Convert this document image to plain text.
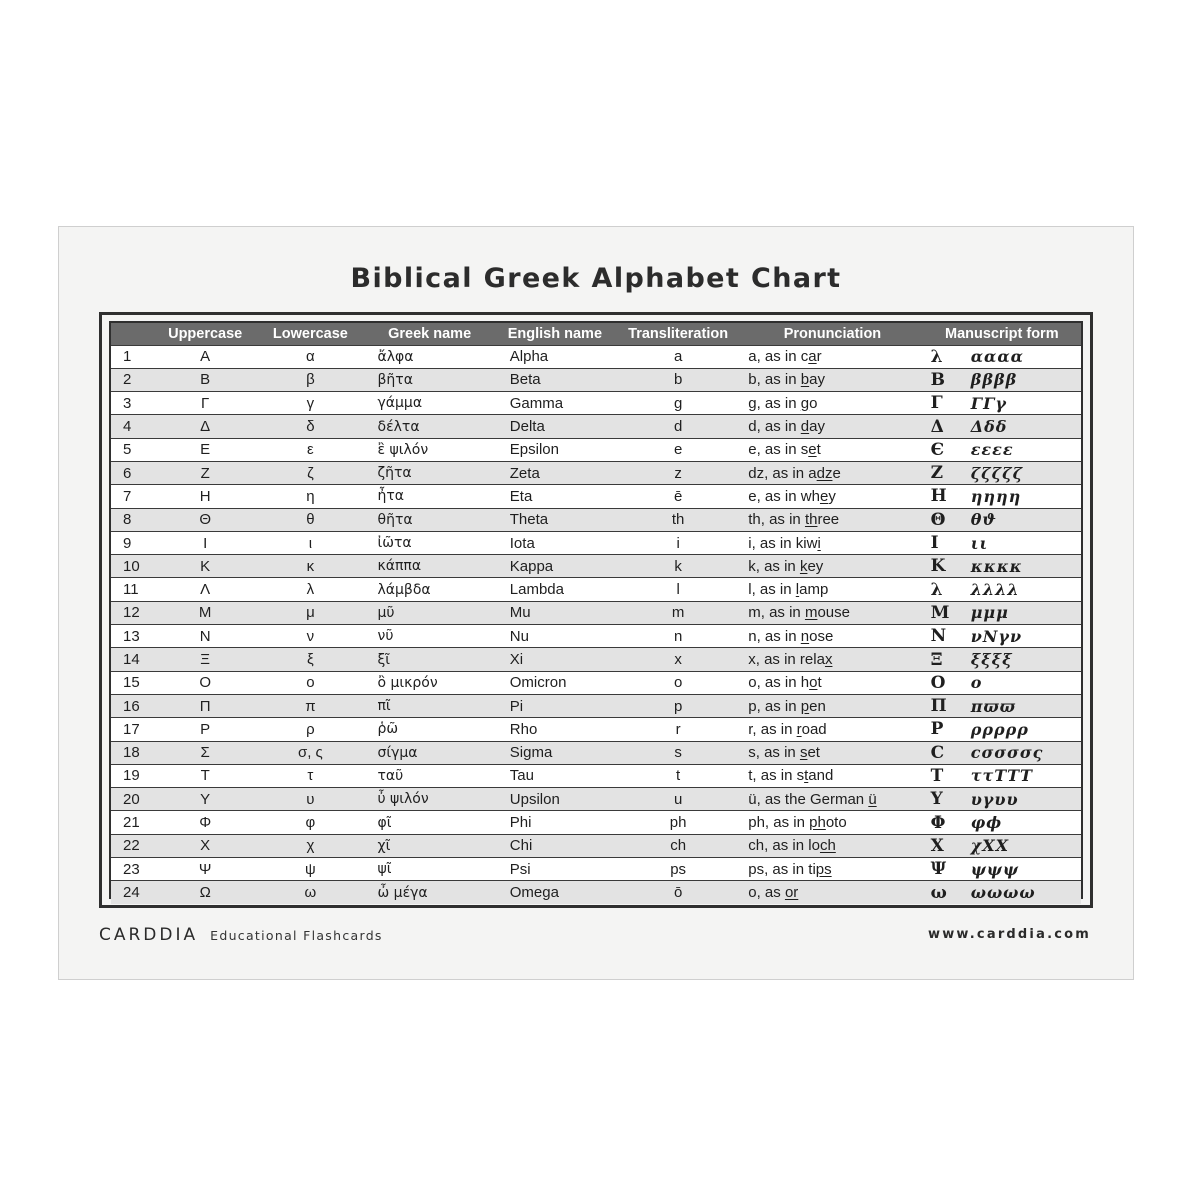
Biblical Greek Alphabet Chart
	Uppercase	Lowercase	Greek name	English name	Transliteration	Pronunciation	Manuscript form	
1	Α	α	ἄλφα	Alpha	a	a, as in car	λ	αααα
2	Β	β	βῆτα	Beta	b	b, as in bay	Β	ββββ
3	Γ	γ	γάμμα	Gamma	g	g, as in go	Γ	ΓΓγ
4	Δ	δ	δέλτα	Delta	d	d, as in day	Δ	Δδδ
5	Ε	ε	ἒ ψιλόν	Epsilon	e	e, as in set	Є	εεεε
6	Ζ	ζ	ζῆτα	Zeta	z	dz, as in adze	Ζ	ζζζζζ
7	Η	η	ἦτα	Eta	ē	e, as in whey	Η	ηηηη
8	Θ	θ	θῆτα	Theta	th	th, as in three	Θ	θϑ
9	Ι	ι	ἰῶτα	Iota	i	i, as in kiwi	Ι	ιι
10	Κ	κ	κάππα	Kappa	k	k, as in key	Κ	κκκκ
11	Λ	λ	λάμβδα	Lambda	l	l, as in lamp	λ	λλλλ
12	Μ	μ	μῦ	Mu	m	m, as in mouse	Μ	μμμ
13	Ν	ν	νῦ	Nu	n	n, as in nose	Ν	νΝγν
14	Ξ	ξ	ξῖ	Xi	x	x, as in relax	Ξ	ξξξξ
15	Ο	ο	ὂ μικρόν	Omicron	o	o, as in hot	Ο	ο
16	Π	π	πῖ	Pi	p	p, as in pen	Π	πϖϖ
17	Ρ	ρ	ῥῶ	Rho	r	r, as in road	Ρ	ρρρρρ
18	Σ	σ, ς	σίγμα	Sigma	s	s, as in set	C	cσσσσς
19	Τ	τ	ταῦ	Tau	t	t, as in stand	Τ	ττΤΤΤ
20	Υ	υ	ὖ ψιλόν	Upsilon	u	ü, as the German ü	Υ	υγυυ
21	Φ	φ	φῖ	Phi	ph	ph, as in photo	Φ	φϕ
22	Χ	χ	χῖ	Chi	ch	ch, as in loch	Χ	χΧΧ
23	Ψ	ψ	ψῖ	Psi	ps	ps, as in tips	Ψ	ψψψ
24	Ω	ω	ὦ μέγα	Omega	ō	o, as or	ω	ωωωω
CARDDIA Educational Flashcards	www.carddia.com
